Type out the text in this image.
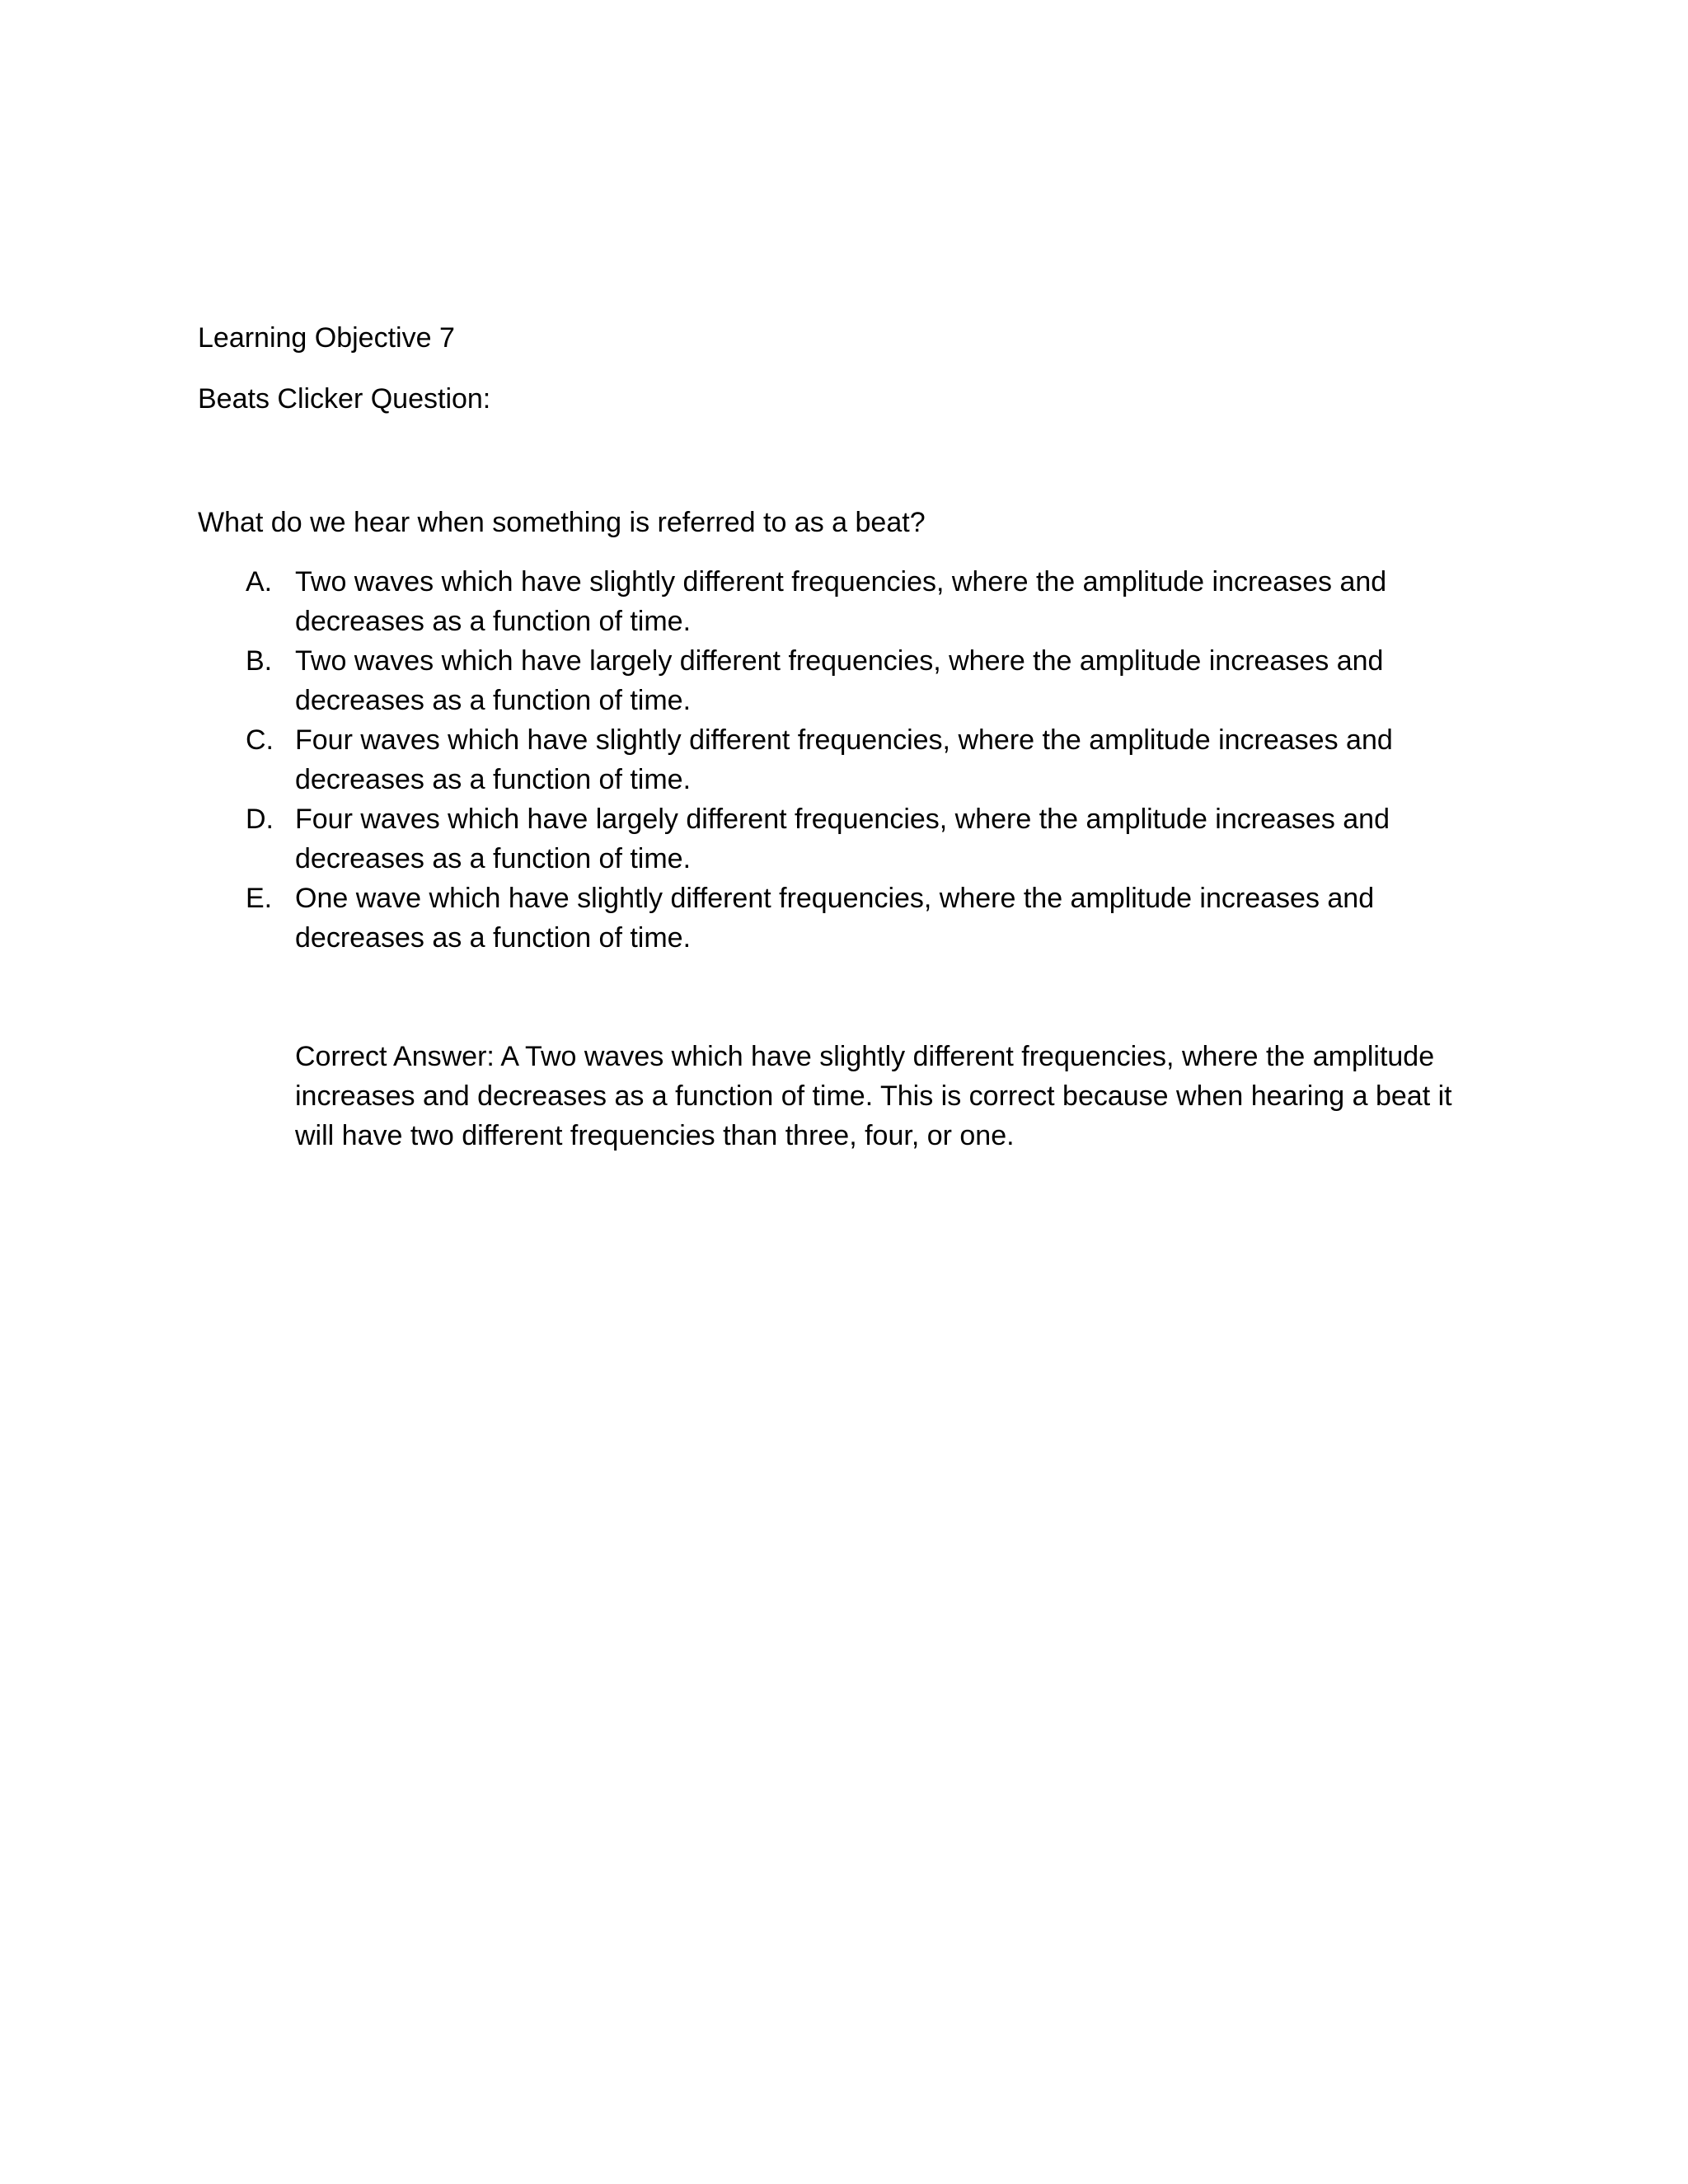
Learning Objective 7

Beats Clicker Question:

What do we hear when something is referred to as a beat?

A. Two waves which have slightly different frequencies, where the amplitude increases and decreases as a function of time.
B. Two waves which have largely different frequencies, where the amplitude increases and decreases as a function of time.
C. Four waves which have slightly different frequencies, where the amplitude increases and decreases as a function of time.
D. Four waves which have largely different frequencies, where the amplitude increases and decreases as a function of time.
E. One wave which have slightly different frequencies, where the amplitude increases and decreases as a function of time.

Correct Answer: A Two waves which have slightly different frequencies, where the amplitude increases and decreases as a function of time. This is correct because when hearing a beat it will have two different frequencies than three, four, or one.
